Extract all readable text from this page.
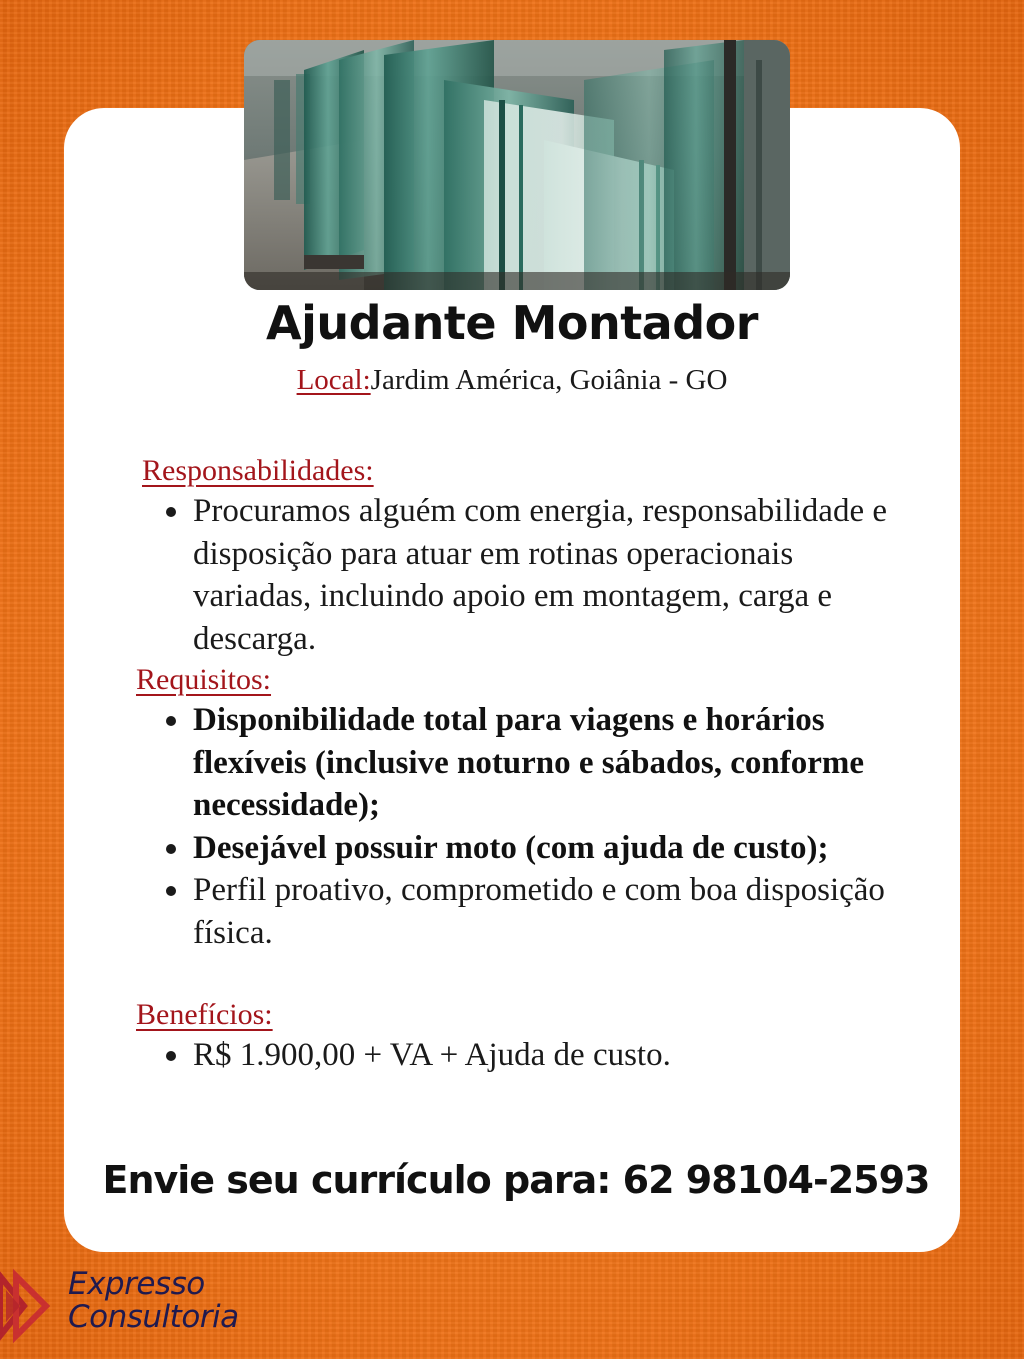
Ajudante Montador
Local:Jardim América, Goiânia - GO
Responsabilidades:
Procuramos alguém com energia, responsabilidade e disposição para atuar em rotinas operacionais variadas, incluindo apoio em montagem, carga e descarga.
Requisitos:
Disponibilidade total para viagens e horários flexíveis (inclusive noturno e sábados, conforme necessidade);
Desejável possuir moto (com ajuda de custo);
Perfil proativo, comprometido e com boa disposição física.
Benefícios:
R$ 1.900,00 + VA + Ajuda de custo.
Envie seu currículo para: 62 98104-2593
Expresso
Consultoria
